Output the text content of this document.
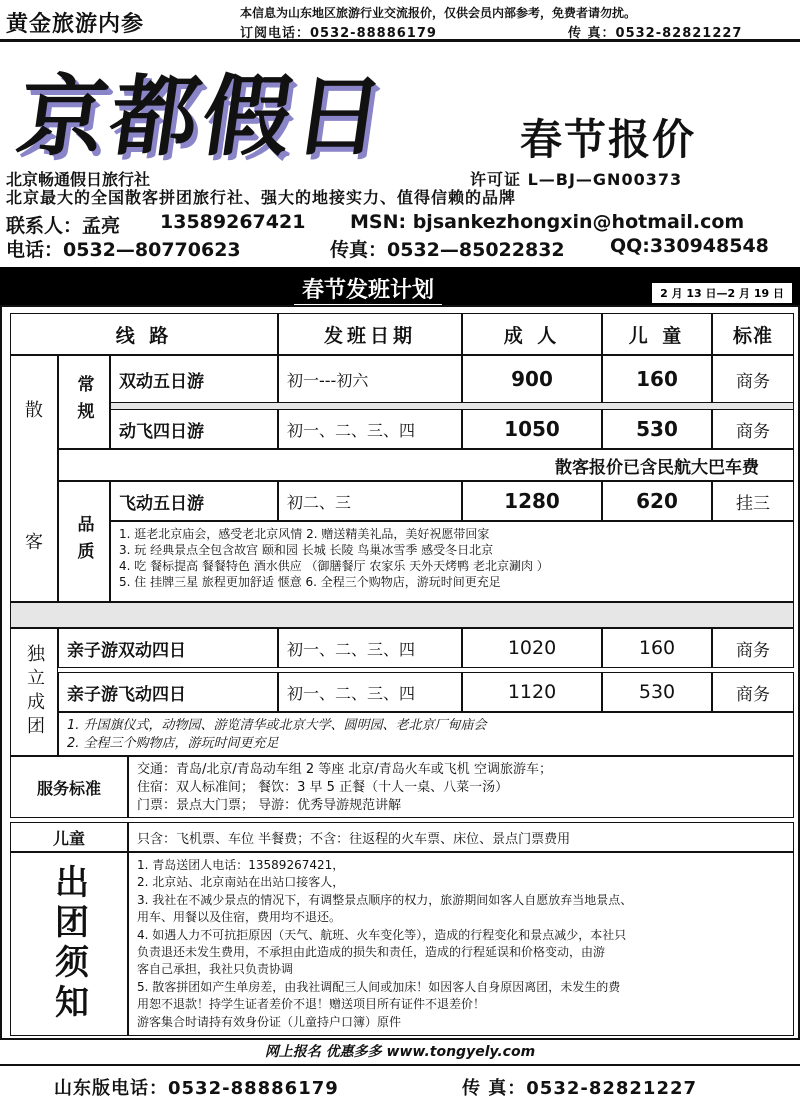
黄金旅游内参	本信息为山东地区旅游行业交流报价，仅供会员内部参考，免费者请勿扰。
订阅电话：0532-88886179	传 真：0532-82821227
京都假日	春节报价
北京畅通假日旅行社	许可证 L—BJ—GN00373
北京最大的全国散客拼团旅行社、强大的地接实力、值得信赖的品牌
联系人：孟亮 13589267421 MSN: bjsankezhongxin@hotmail.com
电话：0532—80770623	传真：0532—85022832 QQ:330948548
春节发班计划	2 月 13 日—2 月 19 日
线 路	发班日期	成 人	儿 童	标准
散
客
常规	双动五日游	初一---初六	900	160	商务
动飞四日游	初一、二、三、四	1050	530	商务
散客报价已含民航大巴车费
品质
飞动五日游	初二、三	1280	620	挂三
1. 逛老北京庙会，感受老北京风情 2. 赠送精美礼品，美好祝愿带回家
3. 玩 经典景点全包含故宫 颐和园 长城 长陵 鸟巢冰雪季 感受冬日北京
4. 吃 餐标提高 餐餐特色 酒水供应 （御膳餐厅 农家乐 天外天烤鸭 老北京涮肉 ）
5. 住 挂牌三星 旅程更加舒适 惬意 6. 全程三个购物店，游玩时间更充足
独立成团	亲子游双动四日	初一、二、三、四	1020	160	商务
亲子游飞动四日	初一、二、三、四	1120	530	商务
1. 升国旗仪式，动物园、游览清华或北京大学、圆明园、老北京厂甸庙会
2. 全程三个购物店，游玩时间更充足
服务标准
交通：青岛/北京/青岛动车组 2 等座 北京/青岛火车或飞机 空调旅游车；
住宿：双人标准间； 餐饮：3 早 5 正餐（十人一桌、八菜一汤）
门票：景点大门票； 导游：优秀导游规范讲解
儿童	只含：飞机票、车位 半餐费；不含：往返程的火车票、床位、景点门票费用
出团须知	1. 青岛送团人电话：13589267421，
2. 北京站、北京南站在出站口接客人，
3. 我社在不减少景点的情况下，有调整景点顺序的权力，旅游期间如客人自愿放弃当地景点、
用车、用餐以及住宿，费用均不退还。
4. 如遇人力不可抗拒原因（天气、航班、火车变化等），造成的行程变化和景点减少，本社只
负责退还未发生费用，不承担由此造成的损失和责任，造成的行程延误和价格变动，由游
客自己承担，我社只负责协调
5. 散客拼团如产生单房差，由我社调配三人间或加床！如因客人自身原因离团，未发生的费
用恕不退款！持学生证者差价不退！赠送项目所有证件不退差价！
游客集合时请持有效身份证（儿童持户口簿）原件
网上报名 优惠多多 www.tongyely.com
山东版电话：0532-88886179	传 真：0532-82821227
